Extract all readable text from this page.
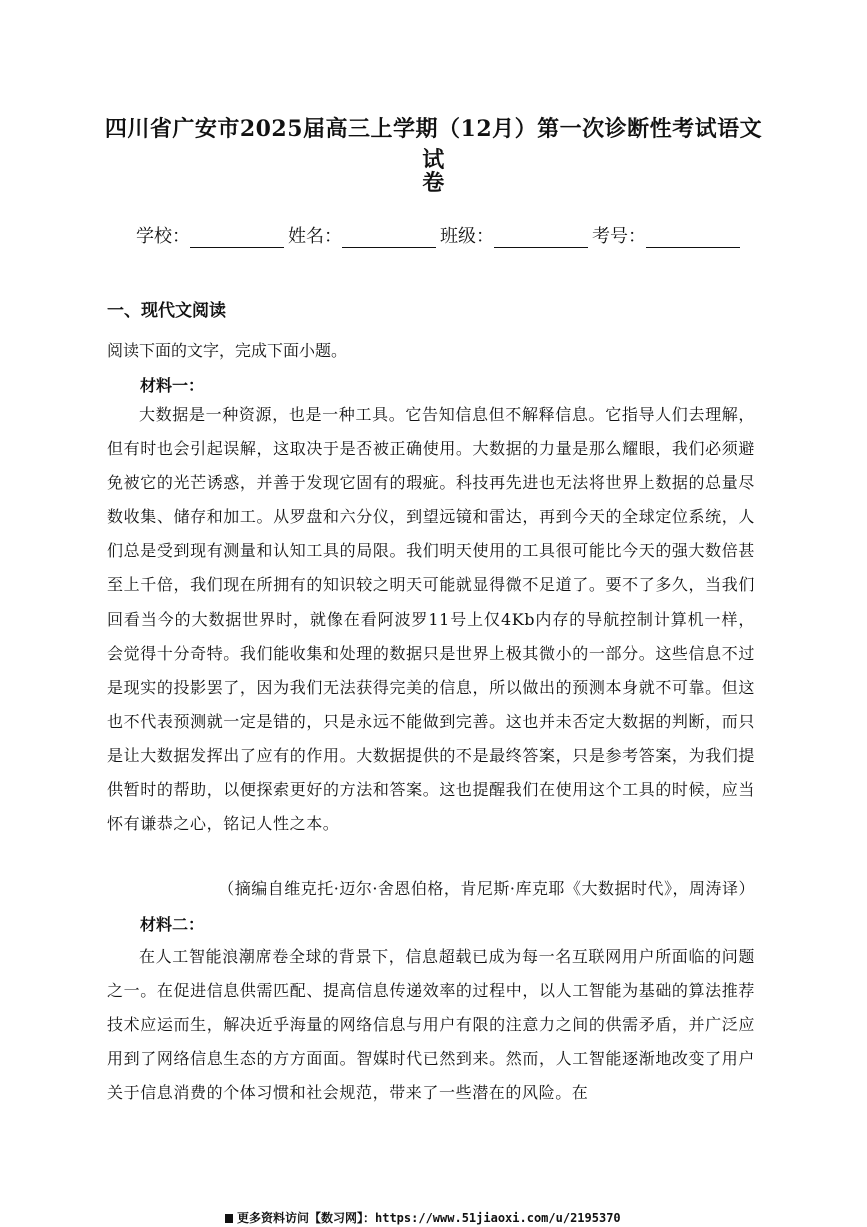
四川省广安市2025届高三上学期（12月）第一次诊断性考试语文试
卷
学校：	姓名：	班级：	考号：
一、现代文阅读
阅读下面的文字，完成下面小题。
材料一：
大数据是一种资源，也是一种工具。它告知信息但不解释信息。它指导人们去理解，但有时也会引起误解，这取决于是否被正确使用。大数据的力量是那么耀眼，我们必须避免被它的光芒诱惑，并善于发现它固有的瑕疵。科技再先进也无法将世界上数据的总量尽数收集、储存和加工。从罗盘和六分仪，到望远镜和雷达，再到今天的全球定位系统，人们总是受到现有测量和认知工具的局限。我们明天使用的工具很可能比今天的强大数倍甚至上千倍，我们现在所拥有的知识较之明天可能就显得微不足道了。要不了多久，当我们回看当今的大数据世界时，就像在看阿波罗11号上仅4Kb内存的导航控制计算机一样，会觉得十分奇特。我们能收集和处理的数据只是世界上极其微小的一部分。这些信息不过是现实的投影罢了，因为我们无法获得完美的信息，所以做出的预测本身就不可靠。但这也不代表预测就一定是错的，只是永远不能做到完善。这也并未否定大数据的判断，而只是让大数据发挥出了应有的作用。大数据提供的不是最终答案，只是参考答案，为我们提供暂时的帮助，以便探索更好的方法和答案。这也提醒我们在使用这个工具的时候，应当怀有谦恭之心，铭记人性之本。
（摘编自维克托·迈尔·舍恩伯格，肯尼斯·库克耶《大数据时代》，周涛译）
材料二：
在人工智能浪潮席卷全球的背景下，信息超载已成为每一名互联网用户所面临的问题之一。在促进信息供需匹配、提高信息传递效率的过程中，以人工智能为基础的算法推荐技术应运而生，解决近乎海量的网络信息与用户有限的注意力之间的供需矛盾，并广泛应用到了网络信息生态的方方面面。智媒时代已然到来。然而，人工智能逐渐地改变了用户关于信息消费的个体习惯和社会规范，带来了一些潜在的风险。在
更多资料访问【数习网】：https://www.51jiaoxi.com/u/2195370
